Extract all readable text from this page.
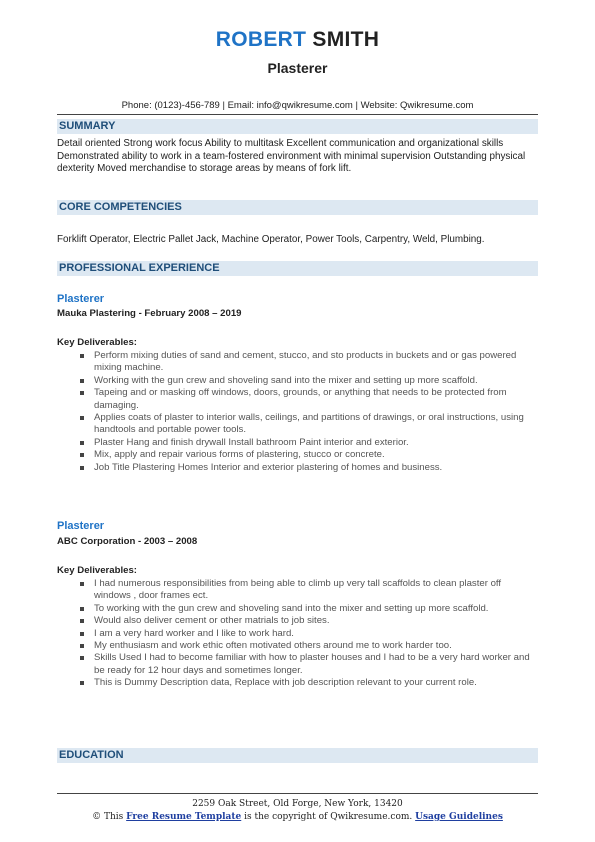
ROBERT SMITH
Plasterer
Phone: (0123)-456-789 | Email: info@qwikresume.com | Website: Qwikresume.com
SUMMARY
Detail oriented Strong work focus Ability to multitask Excellent communication and organizational skills Demonstrated ability to work in a team-fostered environment with minimal supervision Outstanding physical dexterity Moved merchandise to storage areas by means of fork lift.
CORE COMPETENCIES
Forklift Operator, Electric Pallet Jack, Machine Operator, Power Tools, Carpentry, Weld, Plumbing.
PROFESSIONAL EXPERIENCE
Plasterer
Mauka Plastering - February 2008 – 2019
Key Deliverables:
Perform mixing duties of sand and cement, stucco, and sto products in buckets and or gas powered mixing machine.
Working with the gun crew and shoveling sand into the mixer and setting up more scaffold.
Tapeing and or masking off windows, doors, grounds, or anything that needs to be protected from damaging.
Applies coats of plaster to interior walls, ceilings, and partitions of drawings, or oral instructions, using handtools and portable power tools.
Plaster Hang and finish drywall Install bathroom Paint interior and exterior.
Mix, apply and repair various forms of plastering, stucco or concrete.
Job Title Plastering Homes Interior and exterior plastering of homes and business.
Plasterer
ABC Corporation - 2003 – 2008
Key Deliverables:
I had numerous responsibilities from being able to climb up very tall scaffolds to clean plaster off windows , door frames ect.
To working with the gun crew and shoveling sand into the mixer and setting up more scaffold.
Would also deliver cement or other matrials to job sites.
I am a very hard worker and I like to work hard.
My enthusiasm and work ethic often motivated others around me to work harder too.
Skills Used I had to become familiar with how to plaster houses and I had to be a very hard worker and be ready for 12 hour days and sometimes longer.
This is Dummy Description data, Replace with job description relevant to your current role.
EDUCATION
2259 Oak Street, Old Forge, New York, 13420
© This Free Resume Template is the copyright of Qwikresume.com. Usage Guidelines
